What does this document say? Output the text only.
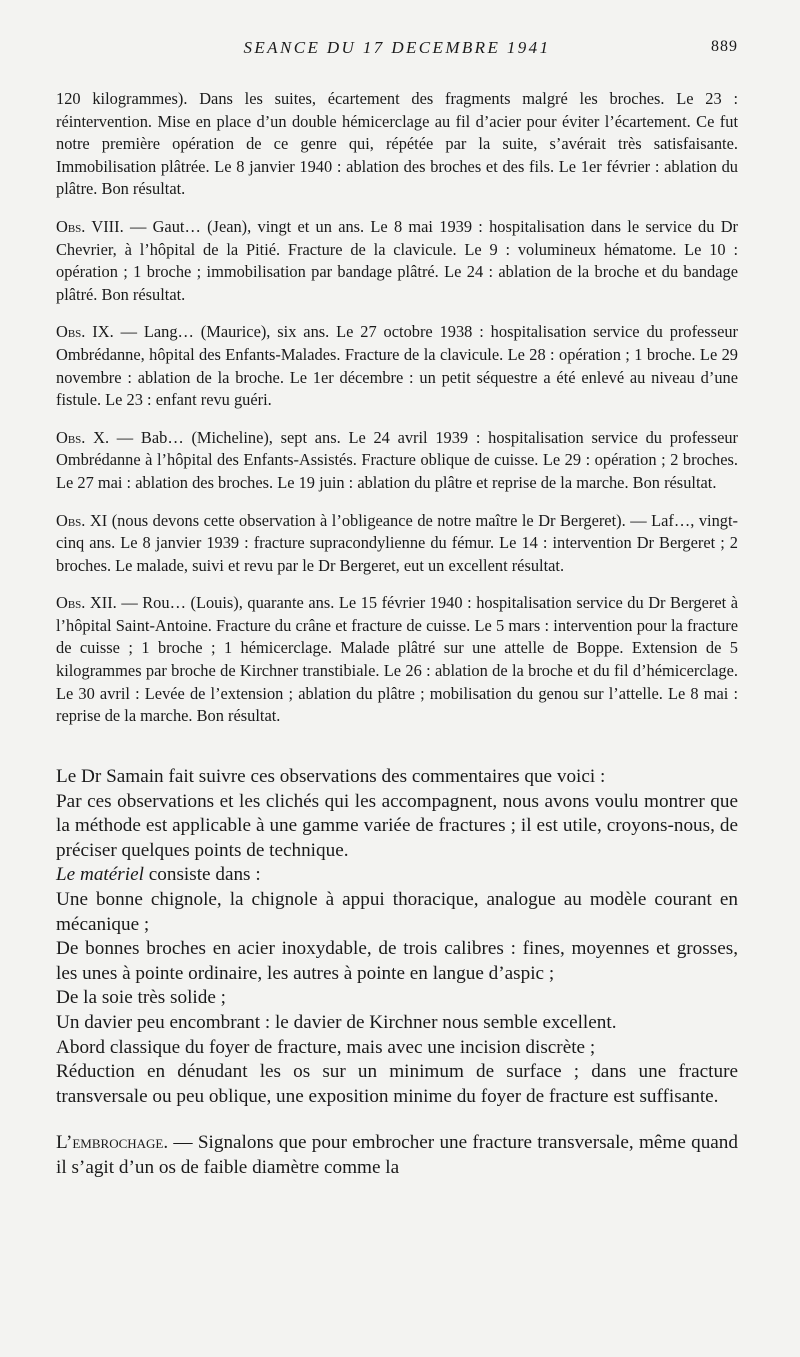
SEANCE DU 17 DECEMBRE 1941	889

120 kilogrammes). Dans les suites, écartement des fragments malgré les broches. Le 23 : réintervention. Mise en place d’un double hémicerclage au fil d’acier pour éviter l’écartement. Ce fut notre première opération de ce genre qui, répétée par la suite, s’avérait très satisfaisante. Immobilisation plâtrée. Le 8 janvier 1940 : ablation des broches et des fils. Le 1er février : ablation du plâtre. Bon résultat.

Obs. VIII. — Gaut… (Jean), vingt et un ans. Le 8 mai 1939 : hospitalisation dans le service du Dr Chevrier, à l’hôpital de la Pitié. Fracture de la clavicule. Le 9 : volumineux hématome. Le 10 : opération ; 1 broche ; immobilisation par bandage plâtré. Le 24 : ablation de la broche et du bandage plâtré. Bon résultat.

Obs. IX. — Lang… (Maurice), six ans. Le 27 octobre 1938 : hospitalisation service du professeur Ombrédanne, hôpital des Enfants-Malades. Fracture de la clavicule. Le 28 : opération ; 1 broche. Le 29 novembre : ablation de la broche. Le 1er décembre : un petit séquestre a été enlevé au niveau d’une fistule. Le 23 : enfant revu guéri.

Obs. X. — Bab… (Micheline), sept ans. Le 24 avril 1939 : hospitalisation service du professeur Ombrédanne à l’hôpital des Enfants-Assistés. Fracture oblique de cuisse. Le 29 : opération ; 2 broches. Le 27 mai : ablation des broches. Le 19 juin : ablation du plâtre et reprise de la marche. Bon résultat.

Obs. XI (nous devons cette observation à l’obligeance de notre maître le Dr Bergeret). — Laf…, vingt-cinq ans. Le 8 janvier 1939 : fracture supracondylienne du fémur. Le 14 : intervention Dr Bergeret ; 2 broches. Le malade, suivi et revu par le Dr Bergeret, eut un excellent résultat.

Obs. XII. — Rou… (Louis), quarante ans. Le 15 février 1940 : hospitalisation service du Dr Bergeret à l’hôpital Saint-Antoine. Fracture du crâne et fracture de cuisse. Le 5 mars : intervention pour la fracture de cuisse ; 1 broche ; 1 hémicerclage. Malade plâtré sur une attelle de Boppe. Extension de 5 kilogrammes par broche de Kirchner transtibiale. Le 26 : ablation de la broche et du fil d’hémicerclage. Le 30 avril : Levée de l’extension ; ablation du plâtre ; mobilisation du genou sur l’attelle. Le 8 mai : reprise de la marche. Bon résultat.

Le Dr Samain fait suivre ces observations des commentaires que voici :

Par ces observations et les clichés qui les accompagnent, nous avons voulu montrer que la méthode est applicable à une gamme variée de fractures ; il est utile, croyons-nous, de préciser quelques points de technique.

Le matériel consiste dans :

Une bonne chignole, la chignole à appui thoracique, analogue au modèle courant en mécanique ;

De bonnes broches en acier inoxydable, de trois calibres : fines, moyennes et grosses, les unes à pointe ordinaire, les autres à pointe en langue d’aspic ;

De la soie très solide ;

Un davier peu encombrant : le davier de Kirchner nous semble excellent.

Abord classique du foyer de fracture, mais avec une incision discrète ;

Réduction en dénudant les os sur un minimum de surface ; dans une fracture transversale ou peu oblique, une exposition minime du foyer de fracture est suffisante.

L’embrochage. — Signalons que pour embrocher une fracture transversale, même quand il s’agit d’un os de faible diamètre comme la
